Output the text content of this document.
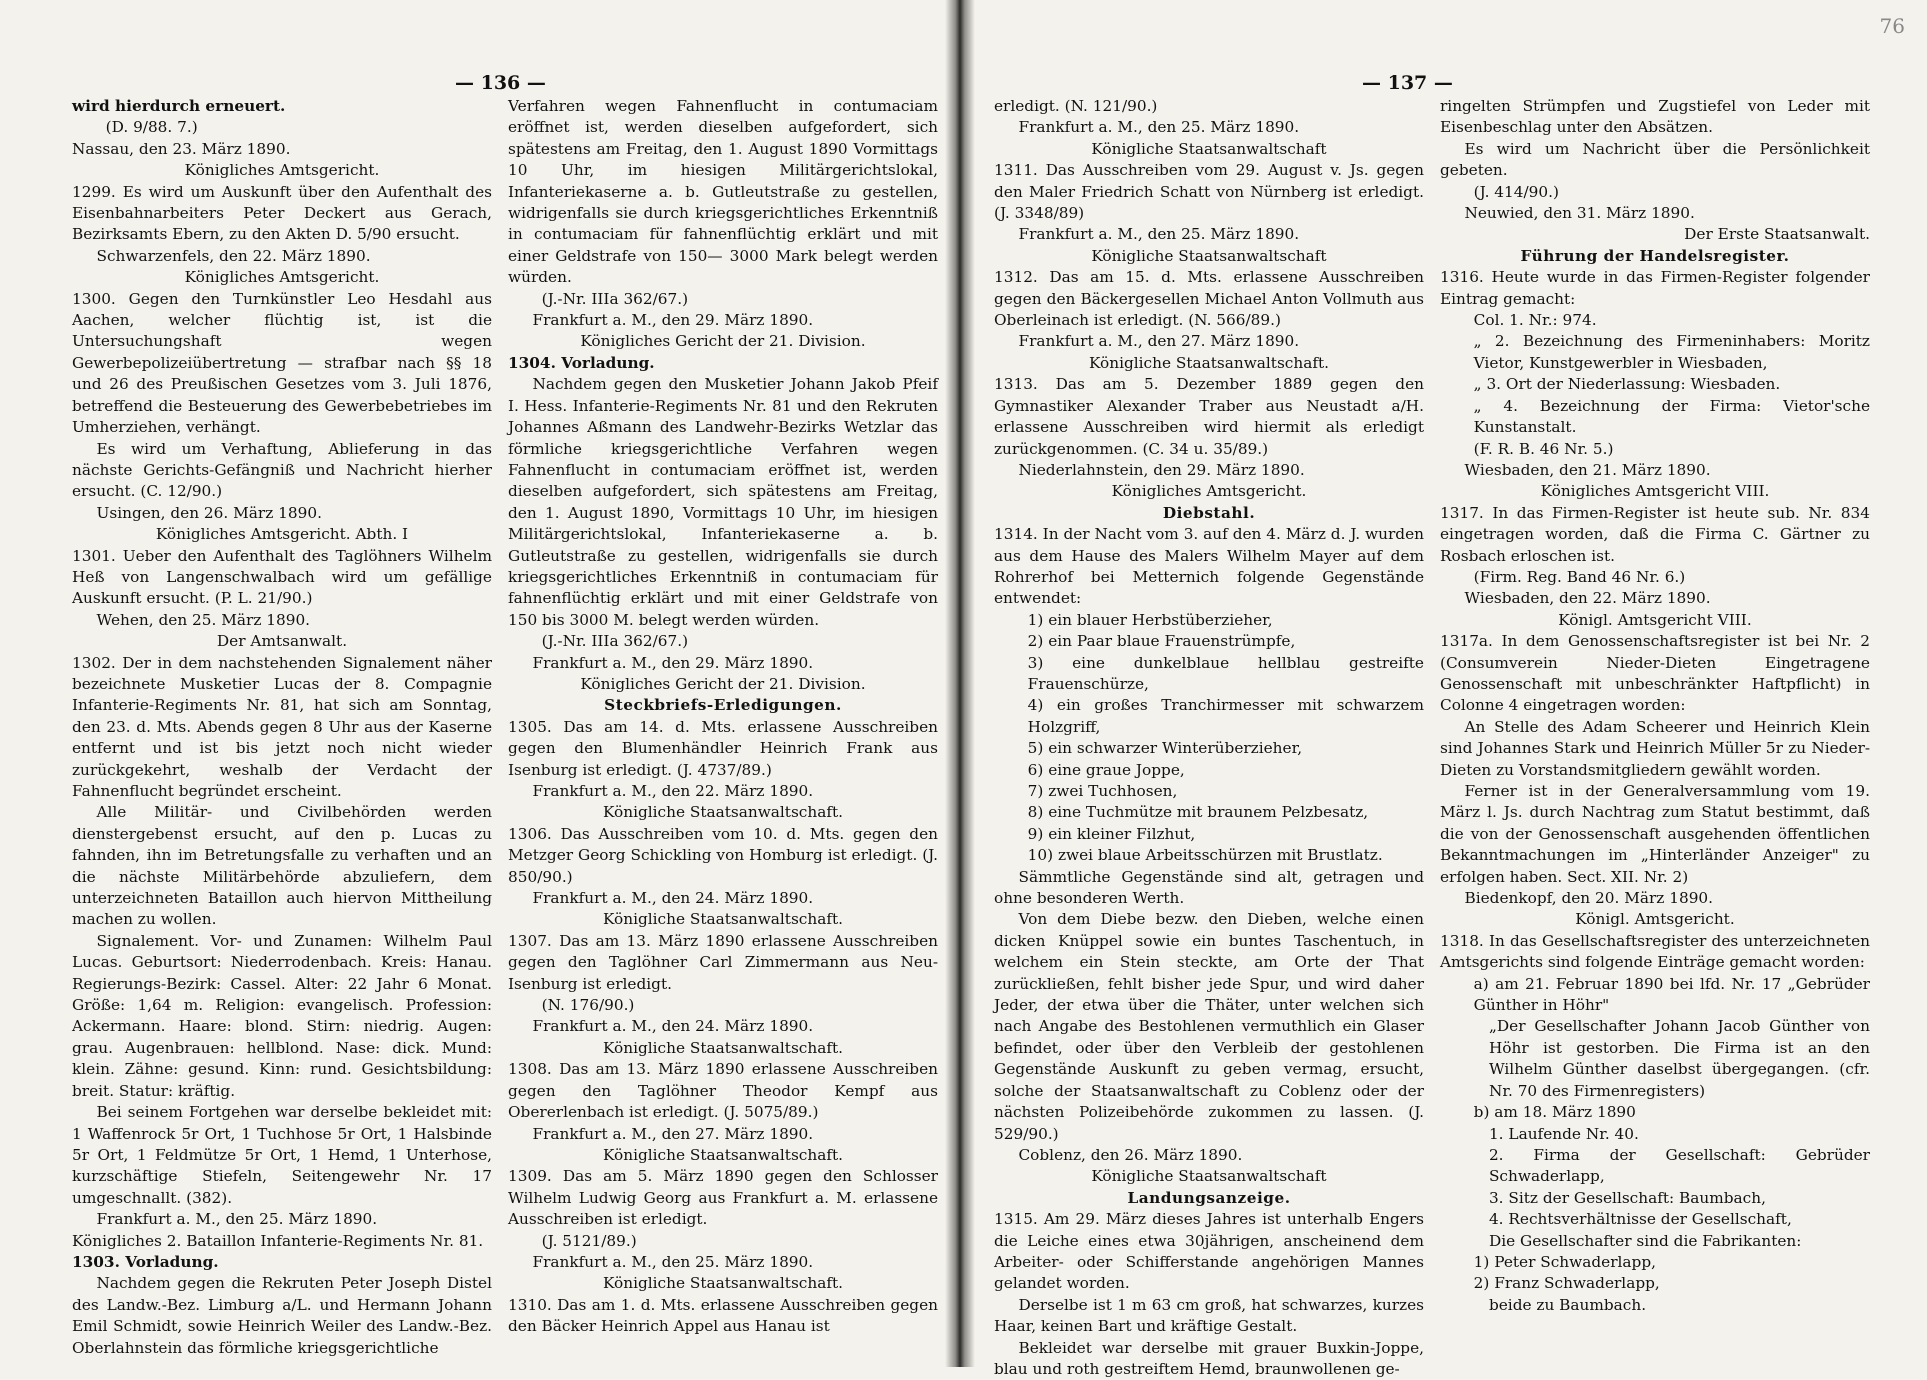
— 136 —

wird hierdurch erneuert.

(D. 9/88. 7.)

Nassau, den 23. März 1890.

Königliches Amtsgericht.

1299. Es wird um Auskunft über den Aufenthalt des Eisenbahnarbeiters Peter Deckert aus Gerach, Bezirksamts Ebern, zu den Akten D. 5/90 ersucht.

Schwarzenfels, den 22. März 1890.

Königliches Amtsgericht.

1300. Gegen den Turnkünstler Leo Hesdahl aus Aachen, welcher flüchtig ist, ist die Untersuchungshaft wegen Gewerbepolizeiübertretung — strafbar nach §§ 18 und 26 des Preußischen Gesetzes vom 3. Juli 1876, betreffend die Besteuerung des Gewerbebetriebes im Umherziehen, verhängt.

Es wird um Verhaftung, Ablieferung in das nächste Gerichts-Gefängniß und Nachricht hierher ersucht. (C. 12/90.)

Usingen, den 26. März 1890.

Königliches Amtsgericht. Abth. I

1301. Ueber den Aufenthalt des Taglöhners Wilhelm Heß von Langenschwalbach wird um gefällige Auskunft ersucht. (P. L. 21/90.)

Wehen, den 25. März 1890.

Der Amtsanwalt.

1302. Der in dem nachstehenden Signalement näher bezeichnete Musketier Lucas der 8. Compagnie Infanterie-Regiments Nr. 81, hat sich am Sonntag, den 23. d. Mts. Abends gegen 8 Uhr aus der Kaserne entfernt und ist bis jetzt noch nicht wieder zurückgekehrt, weshalb der Verdacht der Fahnenflucht begründet erscheint.

Alle Militär- und Civilbehörden werden dienstergebenst ersucht, auf den p. Lucas zu fahnden, ihn im Betretungsfalle zu verhaften und an die nächste Militärbehörde abzuliefern, dem unterzeichneten Bataillon auch hiervon Mittheilung machen zu wollen.

Signalement. Vor- und Zunamen: Wilhelm Paul Lucas. Geburtsort: Niederrodenbach. Kreis: Hanau. Regierungs-Bezirk: Cassel. Alter: 22 Jahr 6 Monat. Größe: 1,64 m. Religion: evangelisch. Profession: Ackermann. Haare: blond. Stirn: niedrig. Augen: grau. Augenbrauen: hellblond. Nase: dick. Mund: klein. Zähne: gesund. Kinn: rund. Gesichtsbildung: breit. Statur: kräftig.

Bei seinem Fortgehen war derselbe bekleidet mit: 1 Waffenrock 5r Ort, 1 Tuchhose 5r Ort, 1 Halsbinde 5r Ort, 1 Feldmütze 5r Ort, 1 Hemd, 1 Unterhose, kurzschäftige Stiefeln, Seitengewehr Nr. 17 umgeschnallt. (382).

Frankfurt a. M., den 25. März 1890.

Königliches 2. Bataillon Infanterie-Regiments Nr. 81.

1303. Vorladung.

Nachdem gegen die Rekruten Peter Joseph Distel des Landw.-Bez. Limburg a/L. und Hermann Johann Emil Schmidt, sowie Heinrich Weiler des Landw.-Bez. Oberlahnstein das förmliche kriegsgerichtliche

Verfahren wegen Fahnenflucht in contumaciam eröffnet ist, werden dieselben aufgefordert, sich spätestens am Freitag, den 1. August 1890 Vormittags 10 Uhr, im hiesigen Militärgerichtslokal, Infanteriekaserne a. b. Gutleutstraße zu gestellen, widrigenfalls sie durch kriegsgerichtliches Erkenntniß in contumaciam für fahnenflüchtig erklärt und mit einer Geldstrafe von 150— 3000 Mark belegt werden würden.

(J.-Nr. IIIa 362/67.)

Frankfurt a. M., den 29. März 1890.

Königliches Gericht der 21. Division.

1304. Vorladung.

Nachdem gegen den Musketier Johann Jakob Pfeif I. Hess. Infanterie-Regiments Nr. 81 und den Rekruten Johannes Aßmann des Landwehr-Bezirks Wetzlar das förmliche kriegsgerichtliche Verfahren wegen Fahnenflucht in contumaciam eröffnet ist, werden dieselben aufgefordert, sich spätestens am Freitag, den 1. August 1890, Vormittags 10 Uhr, im hiesigen Militärgerichtslokal, Infanteriekaserne a. b. Gutleutstraße zu gestellen, widrigenfalls sie durch kriegsgerichtliches Erkenntniß in contumaciam für fahnenflüchtig erklärt und mit einer Geldstrafe von 150 bis 3000 M. belegt werden würden.

(J.-Nr. IIIa 362/67.)

Frankfurt a. M., den 29. März 1890.

Königliches Gericht der 21. Division.

Steckbriefs-Erledigungen.

1305. Das am 14. d. Mts. erlassene Ausschreiben gegen den Blumenhändler Heinrich Frank aus Isenburg ist erledigt. (J. 4737/89.)

Frankfurt a. M., den 22. März 1890.

Königliche Staatsanwaltschaft.

1306. Das Ausschreiben vom 10. d. Mts. gegen den Metzger Georg Schickling von Homburg ist erledigt. (J. 850/90.)

Frankfurt a. M., den 24. März 1890.

Königliche Staatsanwaltschaft.

1307. Das am 13. März 1890 erlassene Ausschreiben gegen den Taglöhner Carl Zimmermann aus Neu-Isenburg ist erledigt.

(N. 176/90.)

Frankfurt a. M., den 24. März 1890.

Königliche Staatsanwaltschaft.

1308. Das am 13. März 1890 erlassene Ausschreiben gegen den Taglöhner Theodor Kempf aus Obererlenbach ist erledigt. (J. 5075/89.)

Frankfurt a. M., den 27. März 1890.

Königliche Staatsanwaltschaft.

1309. Das am 5. März 1890 gegen den Schlosser Wilhelm Ludwig Georg aus Frankfurt a. M. erlassene Ausschreiben ist erledigt.

(J. 5121/89.)

Frankfurt a. M., den 25. März 1890.

Königliche Staatsanwaltschaft.

1310. Das am 1. d. Mts. erlassene Ausschreiben gegen den Bäcker Heinrich Appel aus Hanau ist

— 137 —
76

erledigt. (N. 121/90.)

Frankfurt a. M., den 25. März 1890.

Königliche Staatsanwaltschaft

1311. Das Ausschreiben vom 29. August v. Js. gegen den Maler Friedrich Schatt von Nürnberg ist erledigt. (J. 3348/89)

Frankfurt a. M., den 25. März 1890.

Königliche Staatsanwaltschaft

1312. Das am 15. d. Mts. erlassene Ausschreiben gegen den Bäckergesellen Michael Anton Vollmuth aus Oberleinach ist erledigt. (N. 566/89.)

Frankfurt a. M., den 27. März 1890.

Königliche Staatsanwaltschaft.

1313. Das am 5. Dezember 1889 gegen den Gymnastiker Alexander Traber aus Neustadt a/H. erlassene Ausschreiben wird hiermit als erledigt zurückgenommen. (C. 34 u. 35/89.)

Niederlahnstein, den 29. März 1890.

Königliches Amtsgericht.

Diebstahl.

1314. In der Nacht vom 3. auf den 4. März d. J. wurden aus dem Hause des Malers Wilhelm Mayer auf dem Rohrerhof bei Metternich folgende Gegenstände entwendet:

1) ein blauer Herbstüberzieher,

2) ein Paar blaue Frauenstrümpfe,

3) eine dunkelblaue hellblau gestreifte Frauenschürze,

4) ein großes Tranchirmesser mit schwarzem Holzgriff,

5) ein schwarzer Winterüberzieher,

6) eine graue Joppe,

7) zwei Tuchhosen,

8) eine Tuchmütze mit braunem Pelzbesatz,

9) ein kleiner Filzhut,

10) zwei blaue Arbeitsschürzen mit Brustlatz.

Sämmtliche Gegenstände sind alt, getragen und ohne besonderen Werth.

Von dem Diebe bezw. den Dieben, welche einen dicken Knüppel sowie ein buntes Taschentuch, in welchem ein Stein steckte, am Orte der That zurückließen, fehlt bisher jede Spur, und wird daher Jeder, der etwa über die Thäter, unter welchen sich nach Angabe des Bestohlenen vermuthlich ein Glaser befindet, oder über den Verbleib der gestohlenen Gegenstände Auskunft zu geben vermag, ersucht, solche der Staatsanwaltschaft zu Coblenz oder der nächsten Polizeibehörde zukommen zu lassen. (J. 529/90.)

Coblenz, den 26. März 1890.

Königliche Staatsanwaltschaft

Landungsanzeige.

1315. Am 29. März dieses Jahres ist unterhalb Engers die Leiche eines etwa 30jährigen, anscheinend dem Arbeiter- oder Schifferstande angehörigen Mannes gelandet worden.

Derselbe ist 1 m 63 cm groß, hat schwarzes, kurzes Haar, keinen Bart und kräftige Gestalt.

Bekleidet war derselbe mit grauer Buxkin-Joppe, blau und roth gestreiftem Hemd, braunwollenen ge-

ringelten Strümpfen und Zugstiefel von Leder mit Eisenbeschlag unter den Absätzen.

Es wird um Nachricht über die Persönlichkeit gebeten.

(J. 414/90.)

Neuwied, den 31. März 1890.

Der Erste Staatsanwalt.

Führung der Handelsregister.

1316. Heute wurde in das Firmen-Register folgender Eintrag gemacht:

Col. 1. Nr.: 974.

„ 2. Bezeichnung des Firmeninhabers: Moritz Vietor, Kunstgewerbler in Wiesbaden,

„ 3. Ort der Niederlassung: Wiesbaden.

„ 4. Bezeichnung der Firma: Vietor'sche Kunstanstalt.

(F. R. B. 46 Nr. 5.)

Wiesbaden, den 21. März 1890.

Königliches Amtsgericht VIII.

1317. In das Firmen-Register ist heute sub. Nr. 834 eingetragen worden, daß die Firma C. Gärtner zu Rosbach erloschen ist.

(Firm. Reg. Band 46 Nr. 6.)

Wiesbaden, den 22. März 1890.

Königl. Amtsgericht VIII.

1317a. In dem Genossenschaftsregister ist bei Nr. 2 (Consumverein Nieder-Dieten Eingetragene Genossenschaft mit unbeschränkter Haftpflicht) in Colonne 4 eingetragen worden:

An Stelle des Adam Scheerer und Heinrich Klein sind Johannes Stark und Heinrich Müller 5r zu Nieder-Dieten zu Vorstandsmitgliedern gewählt worden.

Ferner ist in der Generalversammlung vom 19. März l. Js. durch Nachtrag zum Statut bestimmt, daß die von der Genossenschaft ausgehenden öffentlichen Bekanntmachungen im „Hinterländer Anzeiger" zu erfolgen haben. Sect. XII. Nr. 2)

Biedenkopf, den 20. März 1890.

Königl. Amtsgericht.

1318. In das Gesellschaftsregister des unterzeichneten Amtsgerichts sind folgende Einträge gemacht worden:

a) am 21. Februar 1890 bei lfd. Nr. 17 „Gebrüder Günther in Höhr"

„Der Gesellschafter Johann Jacob Günther von Höhr ist gestorben. Die Firma ist an den Wilhelm Günther daselbst übergegangen. (cfr. Nr. 70 des Firmenregisters)

b) am 18. März 1890

1. Laufende Nr. 40.

2. Firma der Gesellschaft: Gebrüder Schwaderlapp,

3. Sitz der Gesellschaft: Baumbach,

4. Rechtsverhältnisse der Gesellschaft,

Die Gesellschafter sind die Fabrikanten:

1) Peter Schwaderlapp,

2) Franz Schwaderlapp,

beide zu Baumbach.
